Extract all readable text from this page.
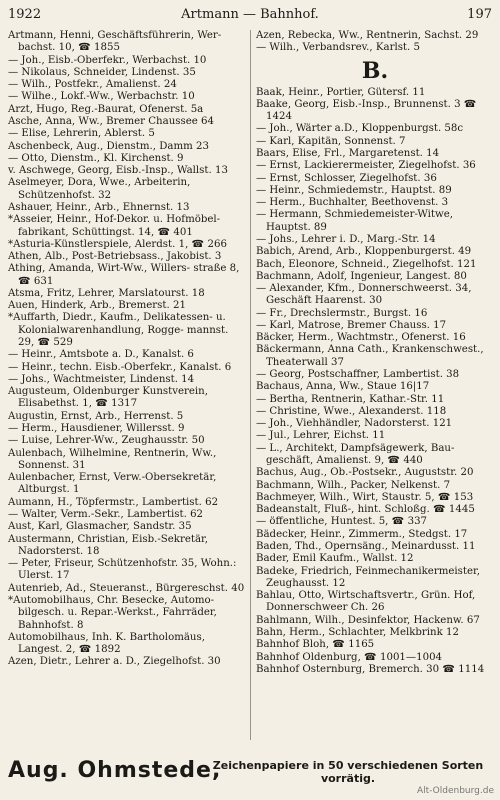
1922	Artmann — Bahnhof.	197
Artmann, Henni, Geschäftsführerin, Wer- bachst. 10, ☎ 1855
— Joh., Eisb.-Oberfekr., Werbachst. 10
— Nikolaus, Schneider, Lindenst. 35
— Wilh., Postfekr., Amalienst. 24
— Wilhe., Lokf.-Ww., Werbachstr. 10
Arzt, Hugo, Reg.-Baurat, Ofenerst. 5a
Asche, Anna, Ww., Bremer Chaussee 64
— Elise, Lehrerin, Ablerst. 5
Aschenbeck, Aug., Dienstm., Damm 23
— Otto, Dienstm., Kl. Kirchenst. 9
v. Aschwege, Georg, Eisb.-Insp., Wallst. 13
Aselmeyer, Dora, Wwe., Arbeiterin, Schützenhofst. 32
Ashauer, Heinr., Arb., Ehnernst. 13
*Asseier, Heinr., Hof-Dekor. u. Hofmöbel- fabrikant, Schüttingst. 14, ☎ 401
*Asturia-Künstlerspiele, Alerdst. 1, ☎ 266
Athen, Alb., Post-Betriebsass., Jakobist. 3
Athing, Amanda, Wirt-Ww., Willers- straße 8, ☎ 631
Atsma, Fritz, Lehrer, Marslatourst. 18
Auen, Hinderk, Arb., Bremerst. 21
*Auffarth, Diedr., Kaufm., Delikatessen- u. Kolonialwarenhandlung, Rogge- mannst. 29, ☎ 529
— Heinr., Amtsbote a. D., Kanalst. 6
— Heinr., techn. Eisb.-Oberfekr., Kanalst. 6
— Johs., Wachtmeister, Lindenst. 14
Augusteum, Oldenburger Kunstverein, Elisabethst. 1, ☎ 1317
Augustin, Ernst, Arb., Herrenst. 5
— Herm., Hausdiener, Willersst. 9
— Luise, Lehrer-Ww., Zeughausstr. 50
Aulenbach, Wilhelmine, Rentnerin, Ww., Sonnenst. 31
Aulenbacher, Ernst, Verw.-Obersekretär, Altburgst. 1
Aumann, H., Töpfermstr., Lambertist. 62
— Walter, Verm.-Sekr., Lambertist. 62
Aust, Karl, Glasmacher, Sandstr. 35
Austermann, Christian, Eisb.-Sekretär, Nadorsterst. 18
— Peter, Friseur, Schützenhofstr. 35, Wohn.: Ulerst. 17
Autenrieb, Ad., Steueranst., Bürgereschst. 40
*Automobilhaus, Chr. Besecke, Automo- bilgesch. u. Repar.-Werkst., Fahrräder, Bahnhofst. 8
Automobilhaus, Inh. K. Bartholomäus, Langest. 2, ☎ 1892
Azen, Dietr., Lehrer a. D., Ziegelhofst. 30
Azen, Rebecka, Ww., Rentnerin, Sachst. 29
— Wilh., Verbandsrev., Karlst. 5
B.
Baak, Heinr., Portier, Gütersf. 11
Baake, Georg, Eisb.-Insp., Brunnenst. 3 ☎ 1424
— Joh., Wärter a.D., Kloppenburgst. 58c
— Karl, Kapitän, Sonnenst. 7
Baars, Elise, Frl., Margaretenst. 14
— Ernst, Lackierermeister, Ziegelhofst. 36
— Ernst, Schlosser, Ziegelhofst. 36
— Heinr., Schmiedemstr., Hauptst. 89
— Herm., Buchhalter, Beethovenst. 3
— Hermann, Schmiedemeister-Witwe, Hauptst. 89
— Johs., Lehrer i. D., Marg.-Str. 14
Babich, Arend, Arb., Kloppenburgerst. 49
Bach, Eleonore, Schneid., Ziegelhofst. 121
Bachmann, Adolf, Ingenieur, Langest. 80
— Alexander, Kfm., Donnerschweerst. 34, Geschäft Haarenst. 30
— Fr., Drechslermstr., Burgst. 16
— Karl, Matrose, Bremer Chauss. 17
Bäcker, Herm., Wachtmstr., Ofenerst. 16
Bäckermann, Anna Cath., Krankenschwest., Theaterwall 37
— Georg, Postschaffner, Lambertist. 38
Bachaus, Anna, Ww., Staue 16|17
— Bertha, Rentnerin, Kathar.-Str. 11
— Christine, Wwe., Alexanderst. 118
— Joh., Viehhändler, Nadorsterst. 121
— Jul., Lehrer, Eichst. 11
— L., Architekt, Dampfsägewerk, Bau- geschäft, Amalienst. 9, ☎ 440
Bachus, Aug., Ob.-Postsekr., Auguststr. 20
Bachmann, Wilh., Packer, Nelkenst. 7
Bachmeyer, Wilh., Wirt, Staustr. 5, ☎ 153
Badeanstalt, Fluß-, hint. Schloßg. ☎ 1445
— öffentliche, Huntest. 5, ☎ 337
Bädecker, Heinr., Zimmerm., Stedgst. 17
Baden, Thd., Opernsäng., Meinardusst. 11
Bader, Emil Kaufm., Wallst. 12
Badeke, Friedrich, Feinmechanikermeister, Zeughausst. 12
Bahlau, Otto, Wirtschaftsvertr., Grün. Hof, Donnerschweer Ch. 26
Bahlmann, Wilh., Desinfektor, Hackenw. 67
Bahn, Herm., Schlachter, Melkbrink 12
Bahnhof Bloh, ☎ 1165
Bahnhof Oldenburg, ☎ 1001—1004
Bahnhof Osternburg, Bremerch. 30 ☎ 1114
Aug. Ohmstede,
Zeichenpapiere in 50 verschiedenen Sorten
vorrätig.
Alt-Oldenburg.de
